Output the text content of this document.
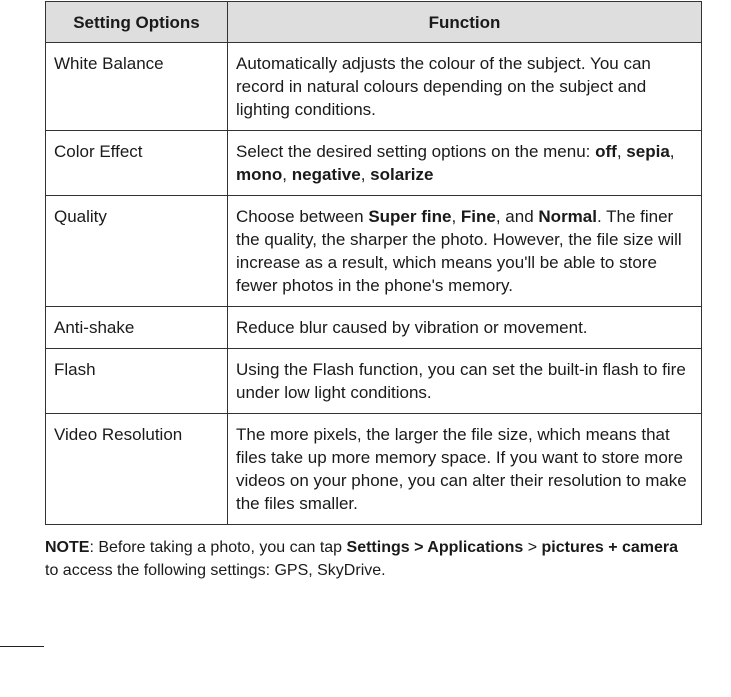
Setting Options	Function
White Balance	Automatically adjusts the colour of the subject. You can record in natural colours depending on the subject and lighting conditions.
Color Effect	Select the desired setting options on the menu: off, sepia, mono, negative, solarize
Quality	Choose between Super fine, Fine, and Normal. The finer the quality, the sharper the photo. However, the file size will increase as a result, which means you'll be able to store fewer photos in the phone's memory.
Anti-shake	Reduce blur caused by vibration or movement.
Flash	Using the Flash function, you can set the built-in flash to fire under low light conditions.
Video Resolution	The more pixels, the larger the file size, which means that files take up more memory space. If you want to store more videos on your phone, you can alter their resolution to make the files smaller.

NOTE: Before taking a photo, you can tap Settings > Applications > pictures + camera to access the following settings: GPS, SkyDrive.
